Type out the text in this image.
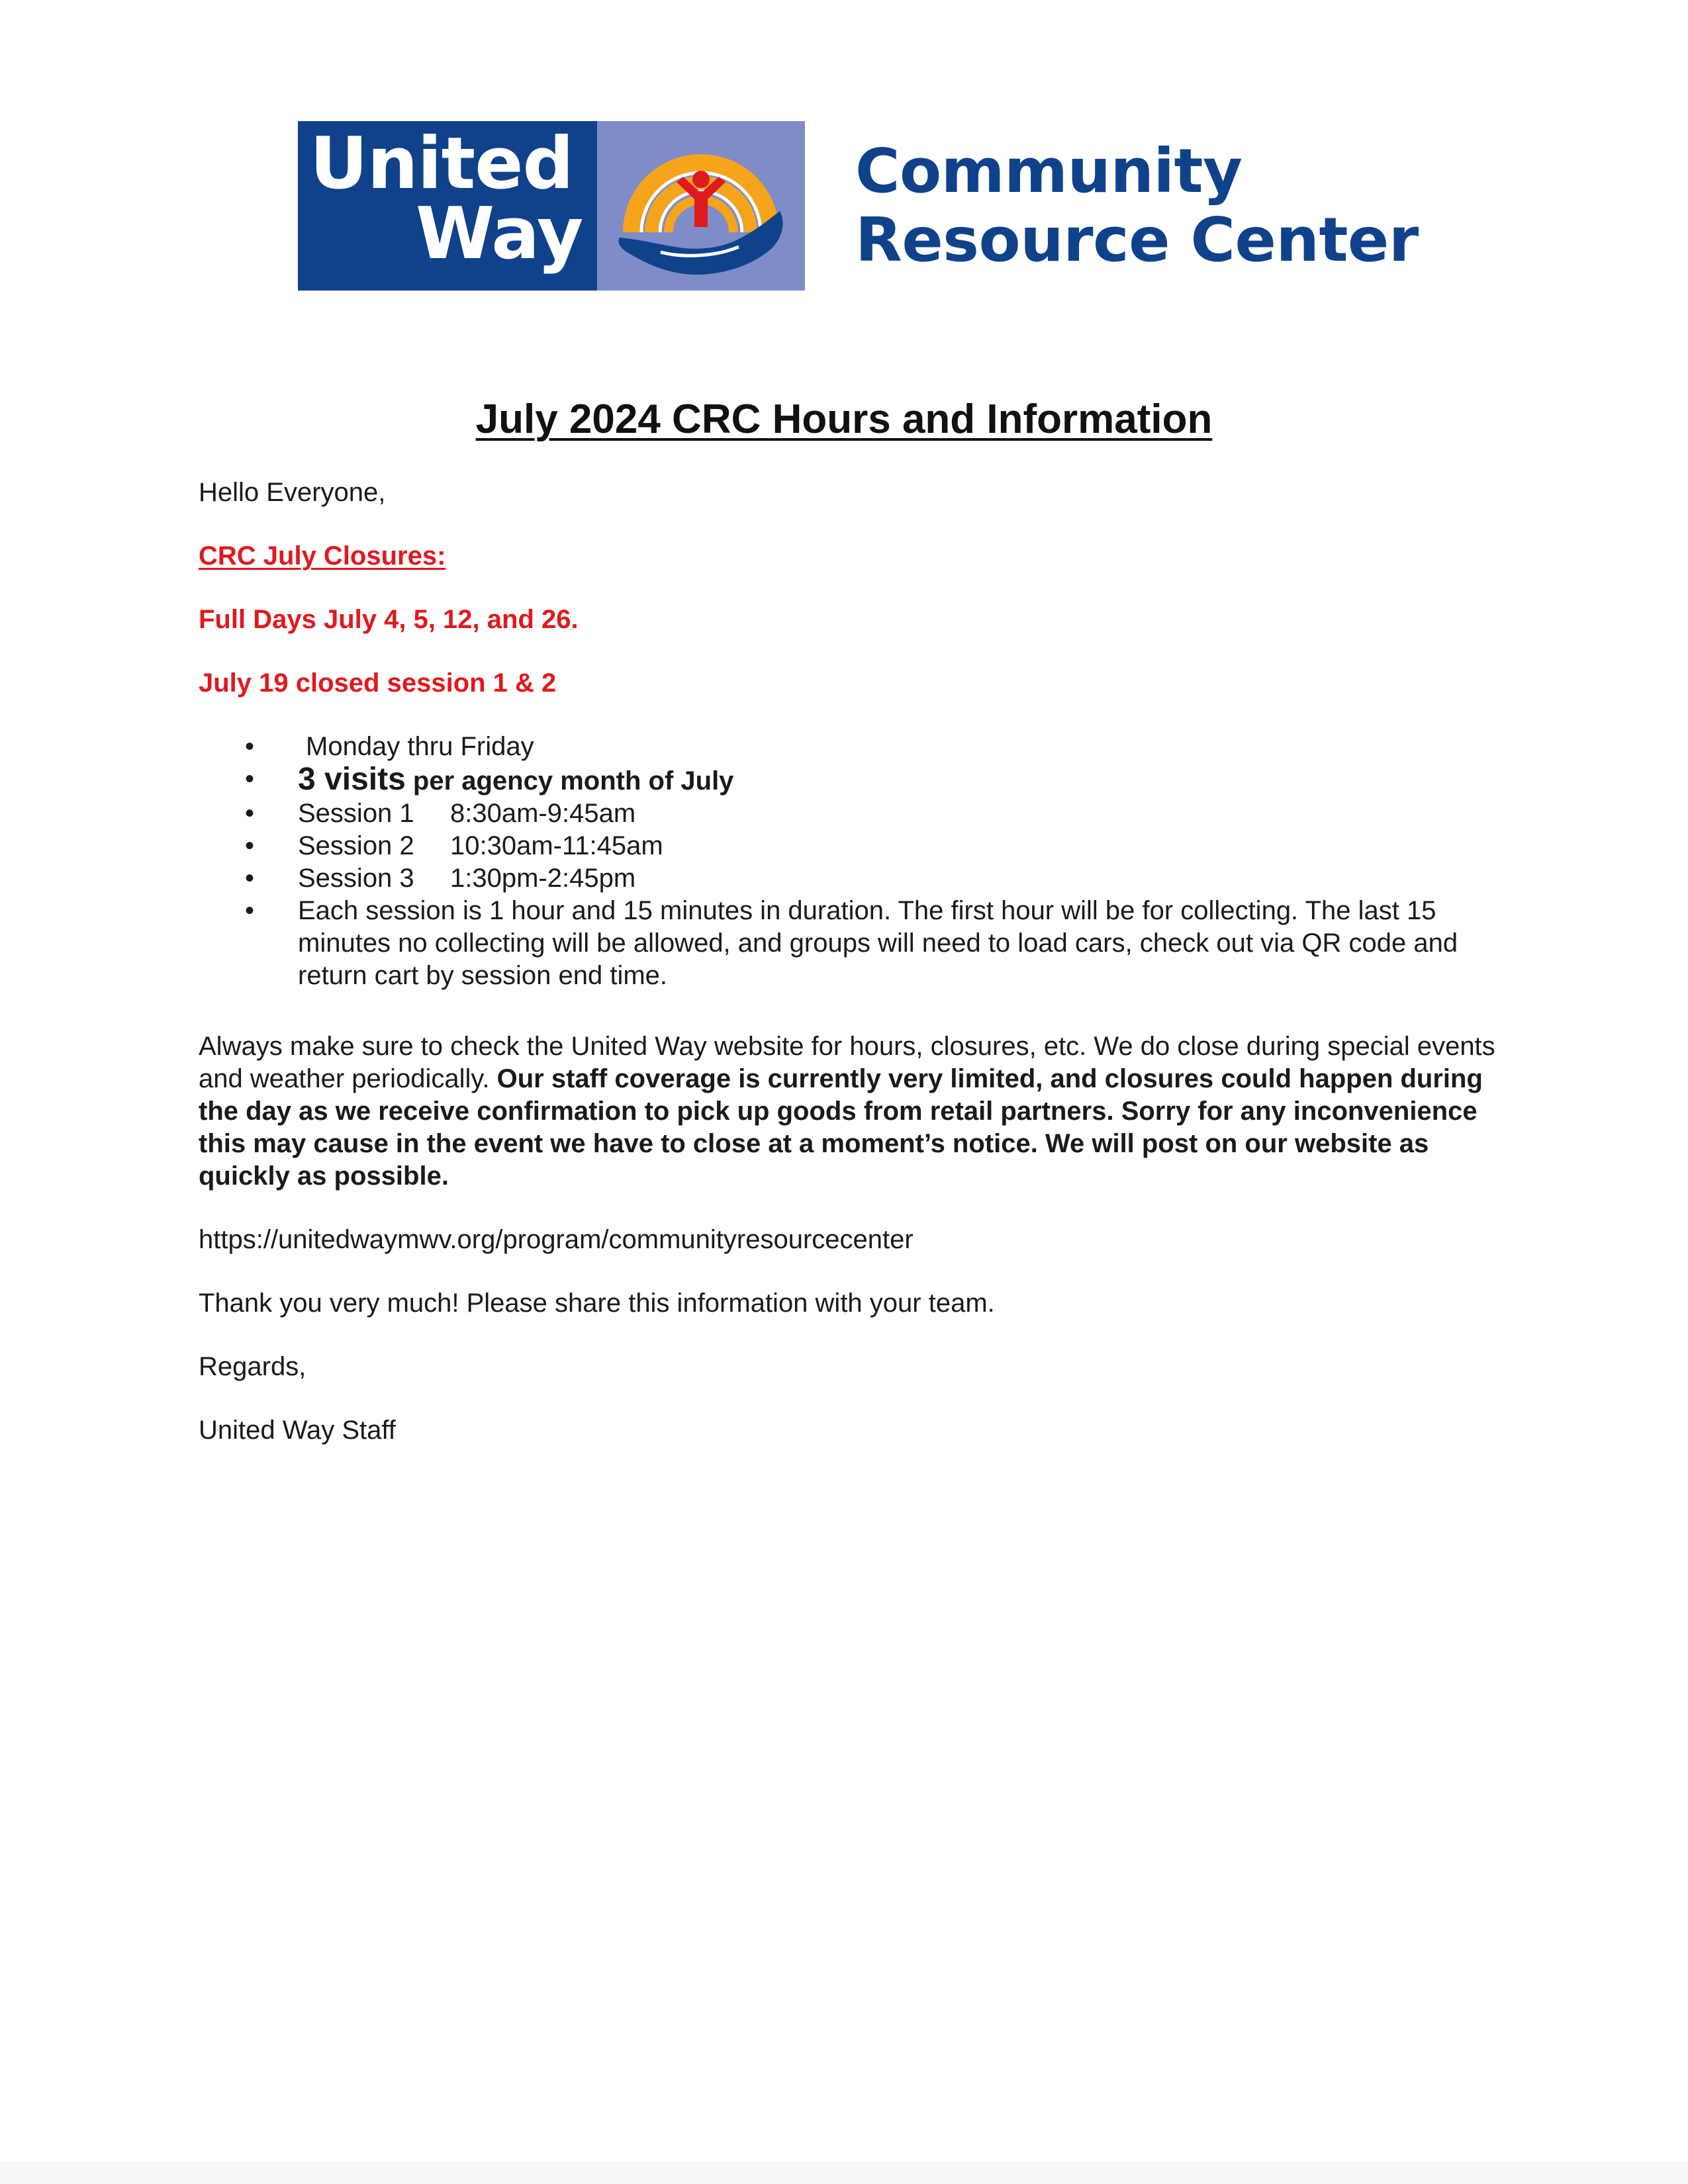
United
Way
Community
Resource Center
July 2024 CRC Hours and Information

Hello Everyone,

CRC July Closures:

Full Days July 4, 5, 12, and 26.

July 19 closed session 1 & 2

• Monday thru Friday
• 3 visits per agency month of July
• Session 1 8:30am-9:45am
• Session 2 10:30am-11:45am
• Session 3 1:30pm-2:45pm
• Each session is 1 hour and 15 minutes in duration. The first hour will be for collecting. The last 15 minutes no collecting will be allowed, and groups will need to load cars, check out via QR code and return cart by session end time.

Always make sure to check the United Way website for hours, closures, etc. We do close during special events and weather periodically. Our staff coverage is currently very limited, and closures could happen during the day as we receive confirmation to pick up goods from retail partners. Sorry for any inconvenience this may cause in the event we have to close at a moment’s notice. We will post on our website as quickly as possible.

https://unitedwaymwv.org/program/communityresourcecenter

Thank you very much! Please share this information with your team.

Regards,

United Way Staff
